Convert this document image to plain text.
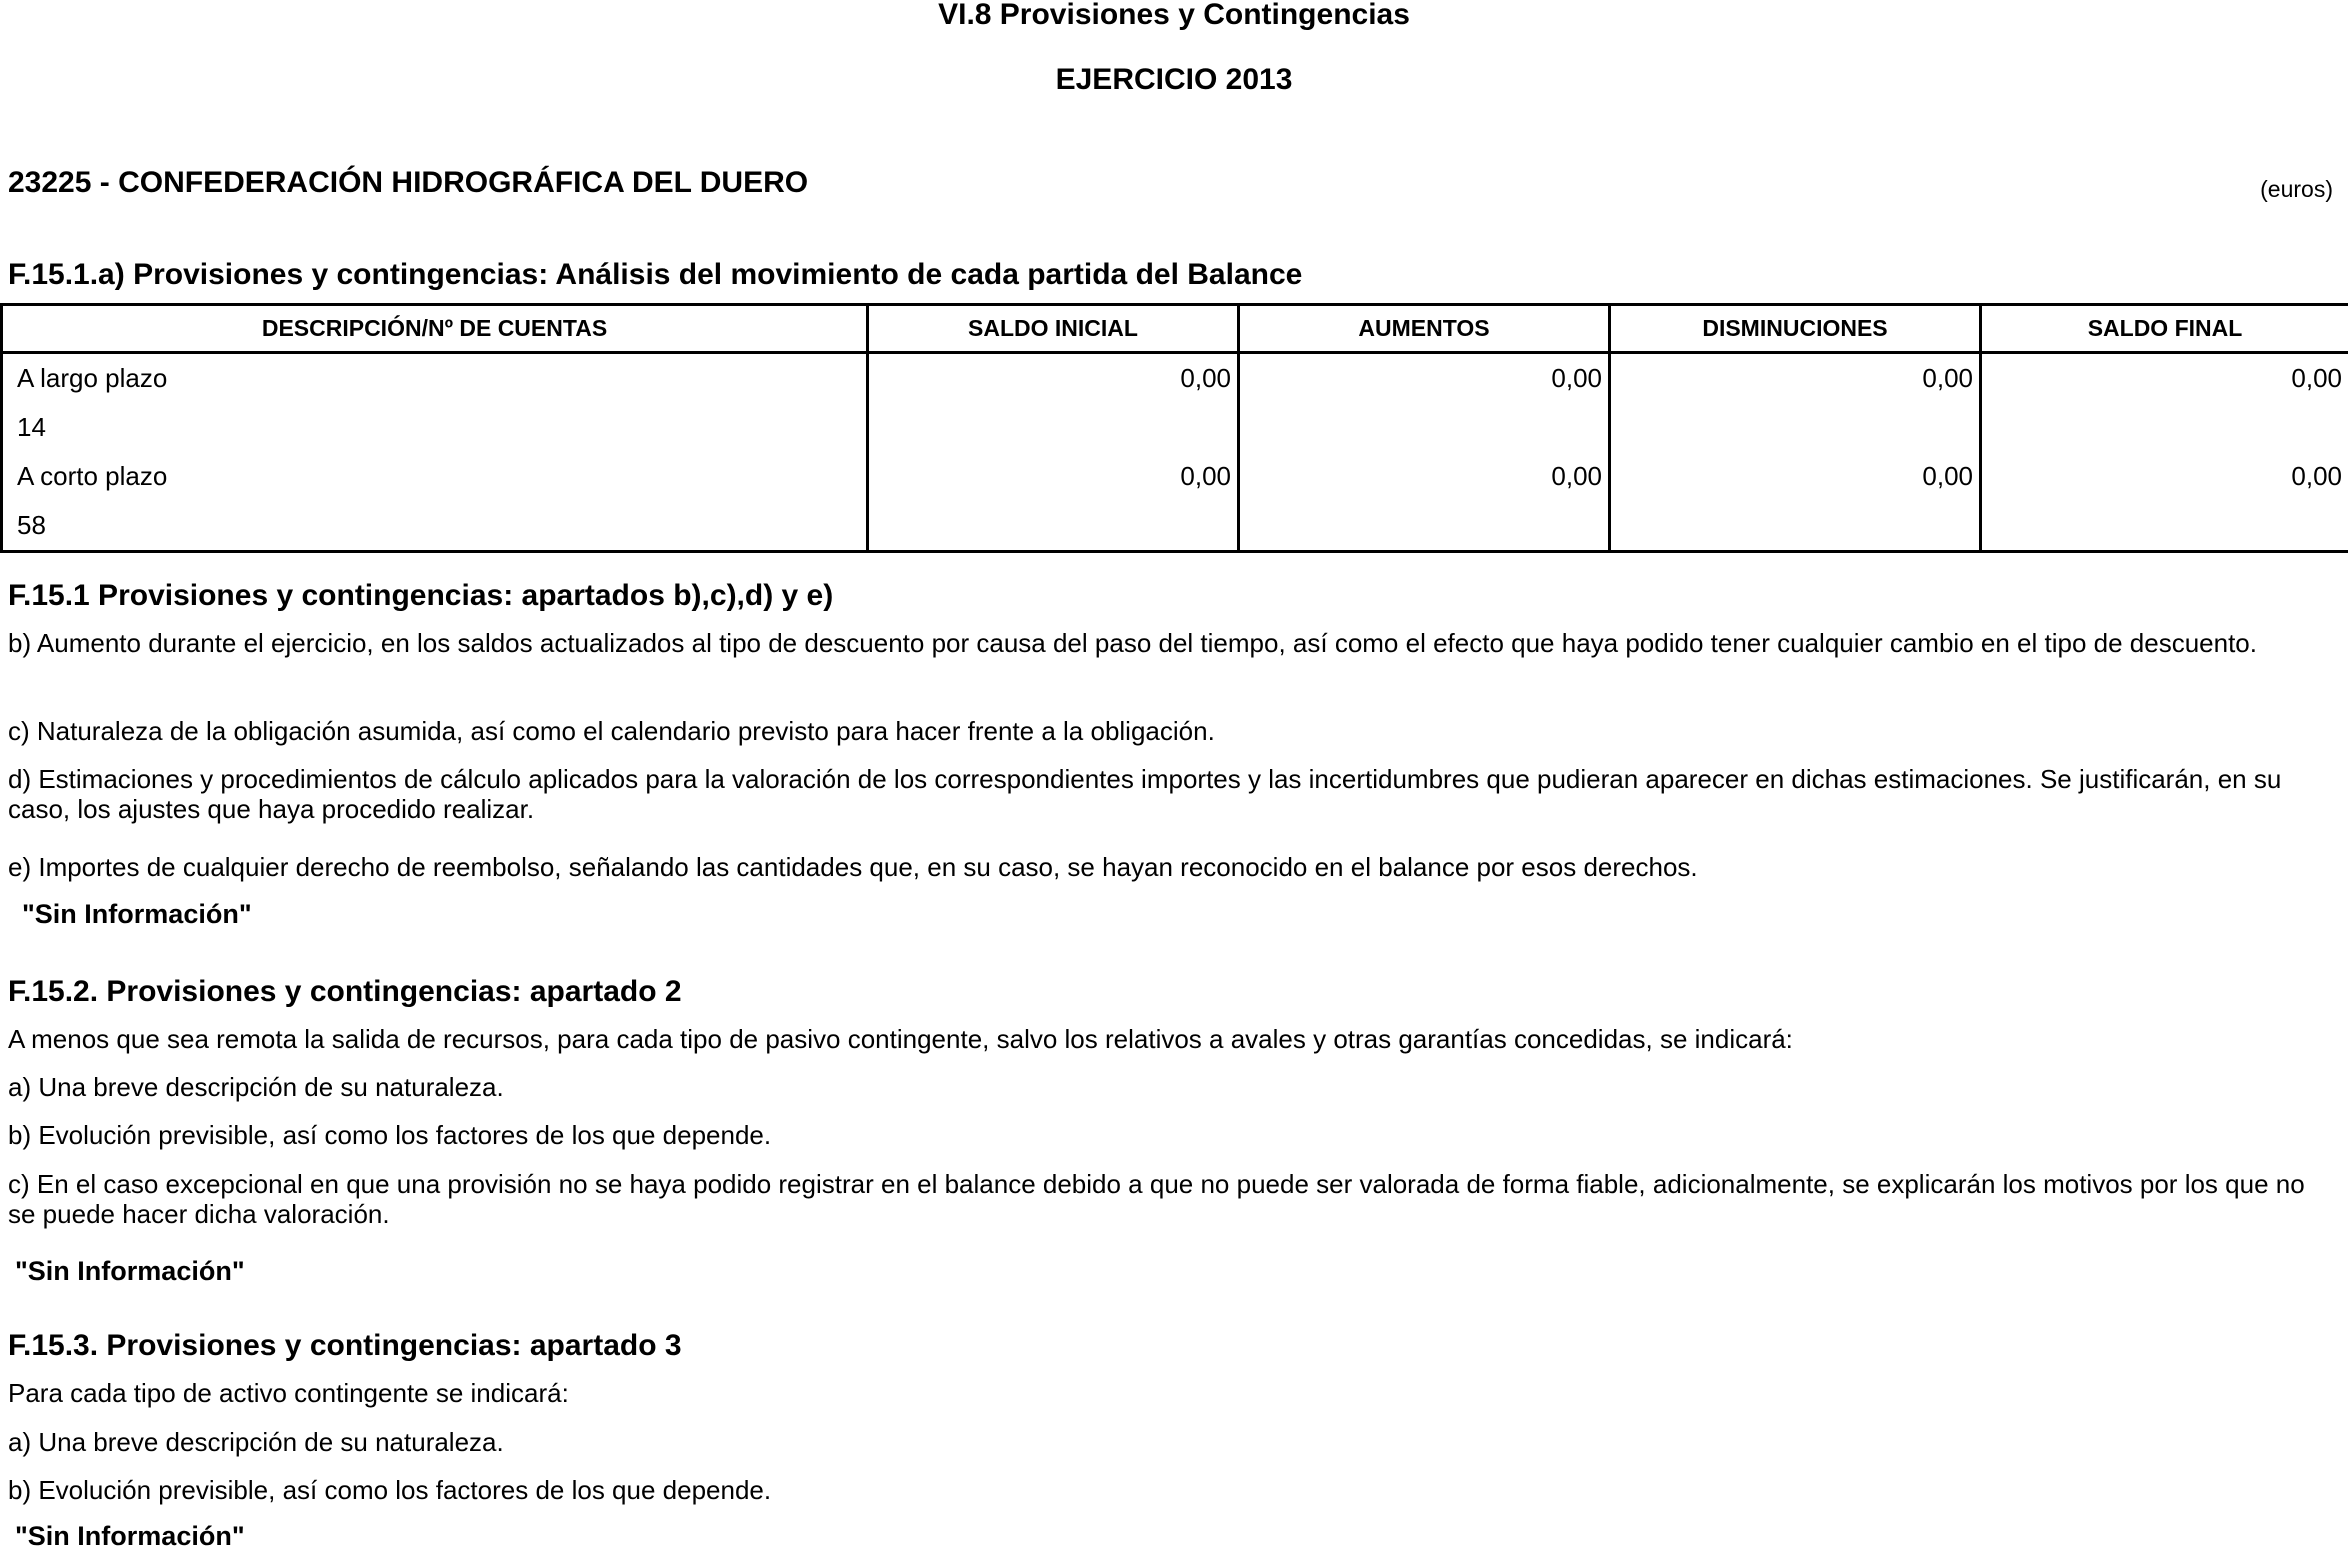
VI.8 Provisiones y Contingencias
EJERCICIO 2013
23225 - CONFEDERACIÓN HIDROGRÁFICA DEL DUERO	(euros)
F.15.1.a) Provisiones y contingencias: Análisis del movimiento de cada partida del Balance
DESCRIPCIÓN/Nº DE CUENTAS	SALDO INICIAL	AUMENTOS	DISMINUCIONES	SALDO FINAL
A largo plazo	0,00	0,00	0,00	0,00
14				
A corto plazo	0,00	0,00	0,00	0,00
58				
F.15.1 Provisiones y contingencias: apartados b),c),d) y e)
b) Aumento durante el ejercicio, en los saldos actualizados al tipo de descuento por causa del paso del tiempo, así como el efecto que haya podido tener cualquier cambio en el tipo de descuento.
c) Naturaleza de la obligación asumida, así como el calendario previsto para hacer frente a la obligación.
d) Estimaciones y procedimientos de cálculo aplicados para la valoración de los correspondientes importes y las incertidumbres que pudieran aparecer en dichas estimaciones. Se justificarán, en su caso, los ajustes que haya procedido realizar.
e) Importes de cualquier derecho de reembolso, señalando las cantidades que, en su caso, se hayan reconocido en el balance por esos derechos.
"Sin Información"
F.15.2. Provisiones y contingencias: apartado 2
A menos que sea remota la salida de recursos, para cada tipo de pasivo contingente, salvo los relativos a avales y otras garantías concedidas, se indicará:
a) Una breve descripción de su naturaleza.
b) Evolución previsible, así como los factores de los que depende.
c) En el caso excepcional en que una provisión no se haya podido registrar en el balance debido a que no puede ser valorada de forma fiable, adicionalmente, se explicarán los motivos por los que no se puede hacer dicha valoración.
"Sin Información"
F.15.3. Provisiones y contingencias: apartado 3
Para cada tipo de activo contingente se indicará:
a) Una breve descripción de su naturaleza.
b) Evolución previsible, así como los factores de los que depende.
"Sin Información"
